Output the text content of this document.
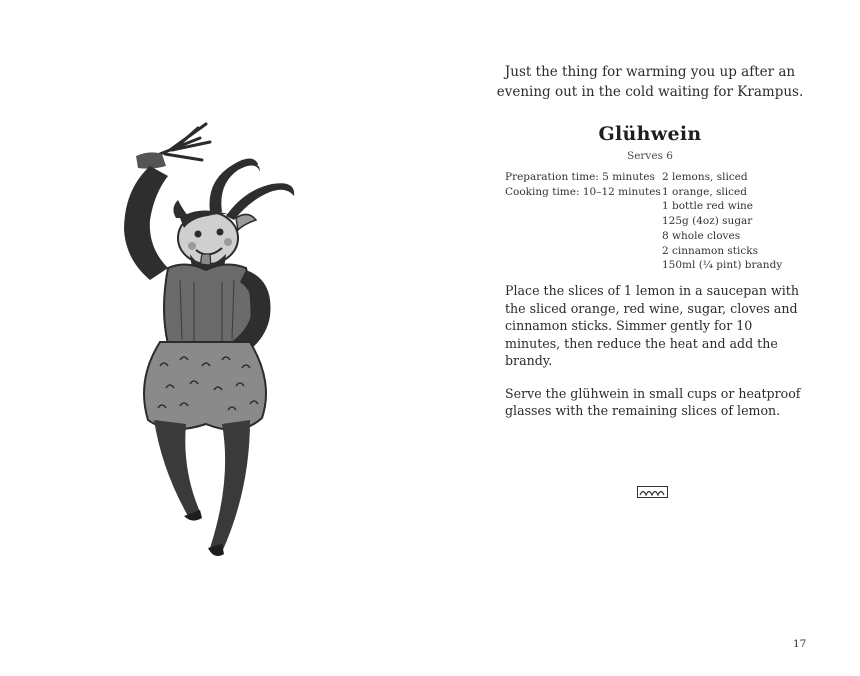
Just the thing for warming you up after an
evening out in the cold waiting for Krampus.
Glühwein
Serves 6
Preparation time: 5 minutes
Cooking time: 10–12 minutes
2 lemons, sliced
1 orange, sliced
1 bottle red wine
125g (4oz) sugar
8 whole cloves
2 cinnamon sticks
150ml (¼ pint) brandy

Place the slices of 1 lemon in a saucepan with the sliced orange, red wine, sugar, cloves and cinnamon sticks. Simmer gently for 10 minutes, then reduce the heat and add the brandy.

Serve the glühwein in small cups or heatproof glasses with the remaining slices of lemon.

17
